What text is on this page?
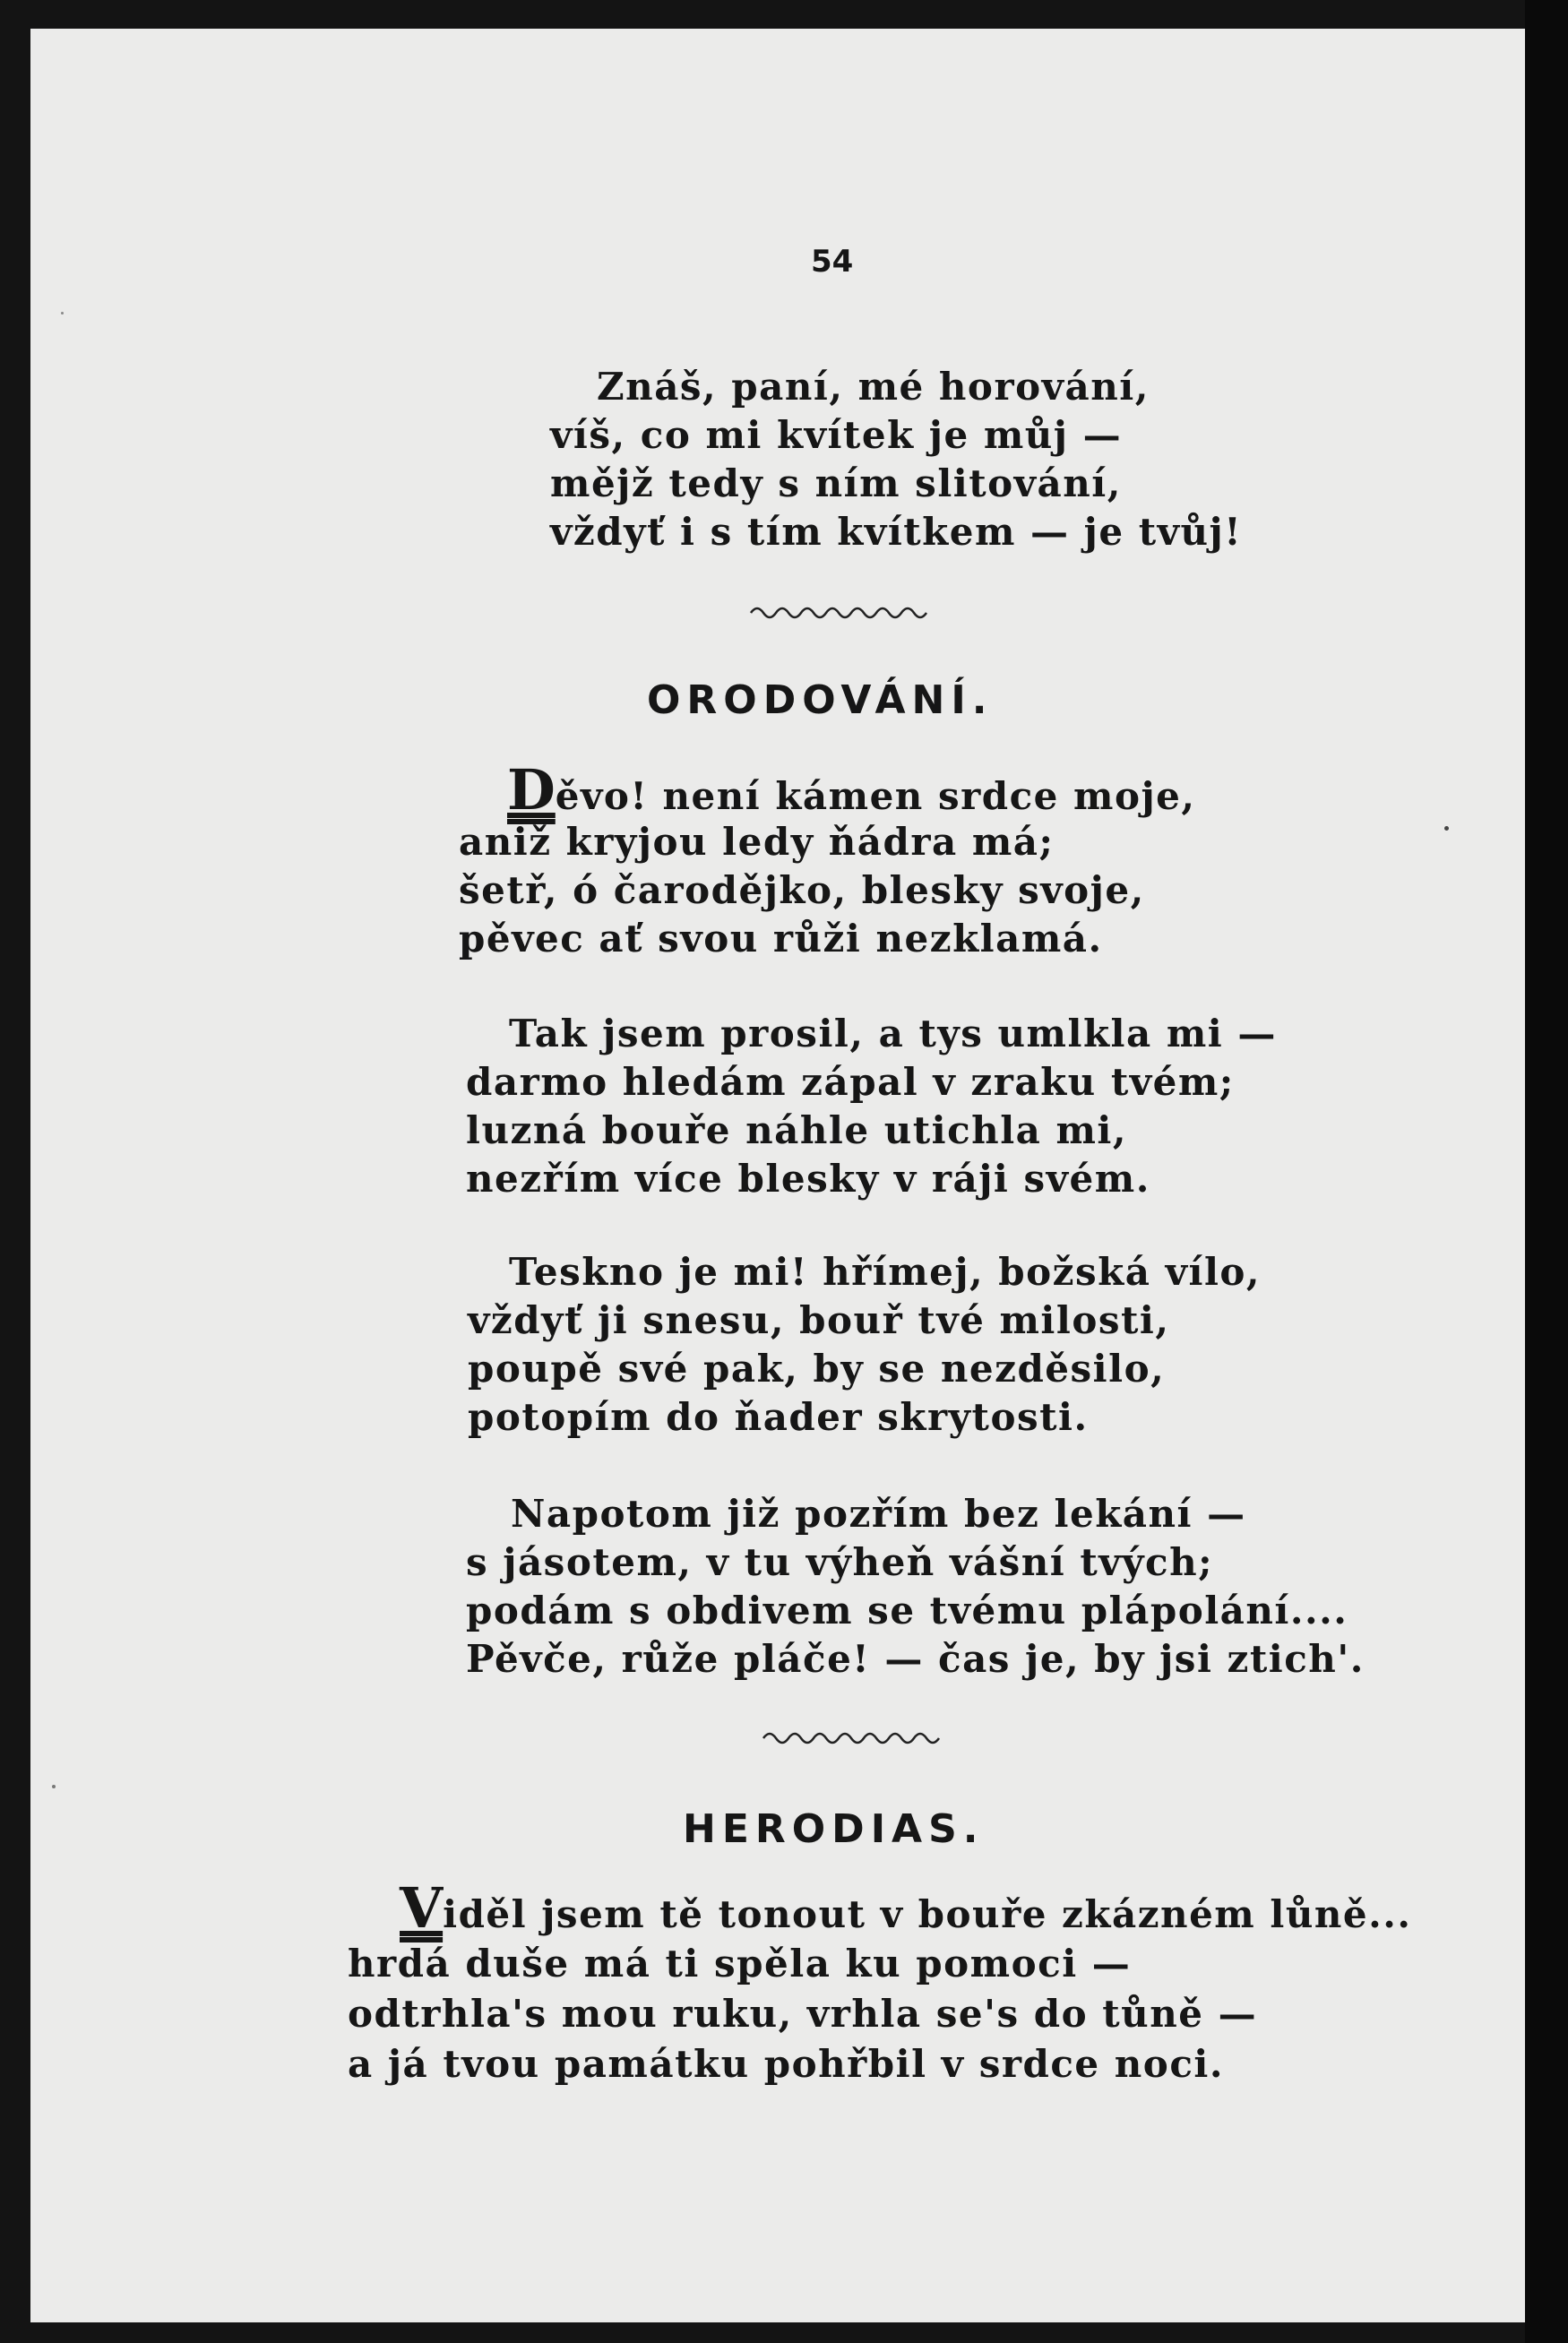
54
Znáš, paní, mé horování,
víš, co mi kvítek je můj —
mějž tedy s ním slitování,
vždyť i s tím kvítkem — je tvůj!
ORODOVÁNÍ.
Děvo! není kámen srdce moje,
aniž kryjou ledy ňádra má;
šetř, ó čarodějko, blesky svoje,
pěvec ať svou růži nezklamá.
Tak jsem prosil, a tys umlkla mi —
darmo hledám zápal v zraku tvém;
luzná bouře náhle utichla mi,
nezřím více blesky v ráji svém.
Teskno je mi! hřímej, božská vílo,
vždyť ji snesu, bouř tvé milosti,
poupě své pak, by se nezděsilo,
potopím do ňader skrytosti.
Napotom již pozřím bez lekání —
s jásotem, v tu výheň vášní tvých;
podám s obdivem se tvému plápolání....
Pěvče, růže pláče! — čas je, by jsi ztich'.
HERODIAS.
Viděl jsem tě tonout v bouře zkázném lůně...
hrdá duše má ti spěla ku pomoci —
odtrhla's mou ruku, vrhla se's do tůně —
a já tvou památku pohřbil v srdce noci.
